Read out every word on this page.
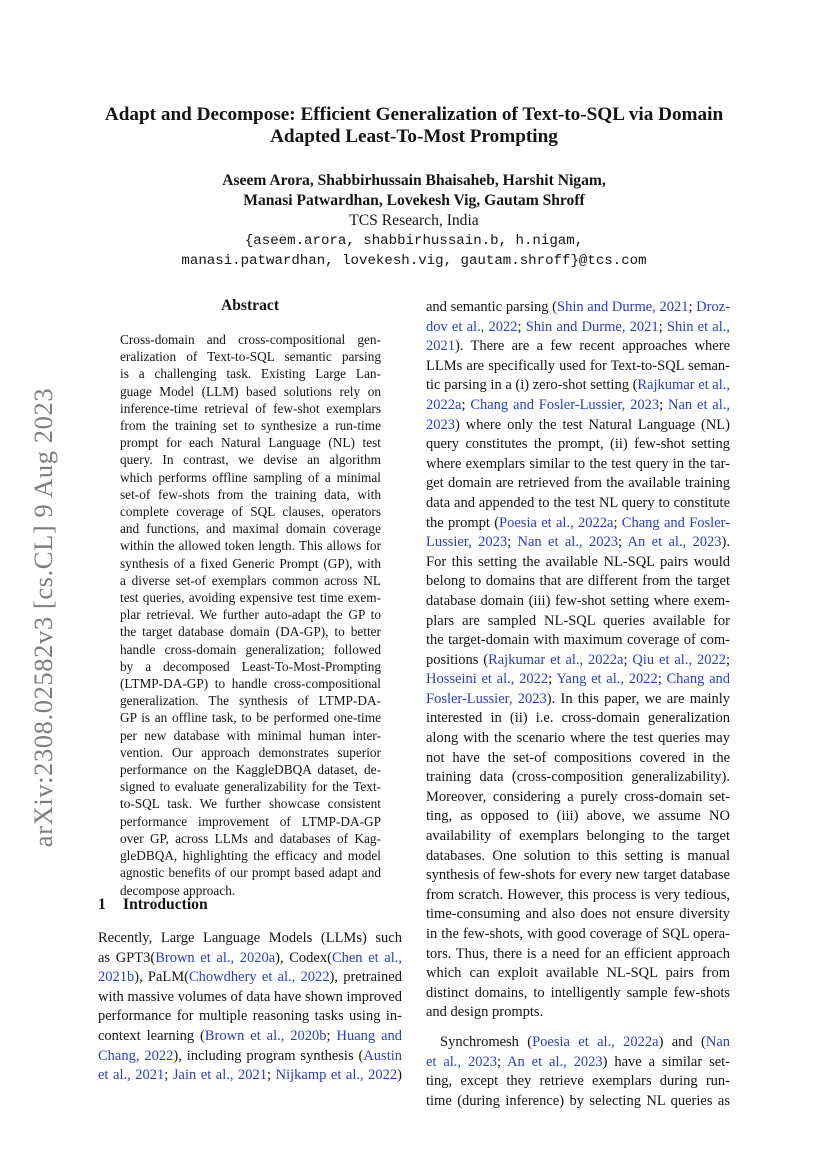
arXiv:2308.02582v3 [cs.CL] 9 Aug 2023
Adapt and Decompose: Efficient Generalization of Text-to-SQL via Domain
Adapted Least-To-Most Prompting
Aseem Arora, Shabbirhussain Bhaisaheb, Harshit Nigam,
Manasi Patwardhan, Lovekesh Vig, Gautam Shroff
TCS Research, India
{aseem.arora, shabbirhussain.b, h.nigam,
manasi.patwardhan, lovekesh.vig, gautam.shroff}@tcs.com
Abstract
Cross-domain and cross-compositional gen-
eralization of Text-to-SQL semantic parsing
is a challenging task. Existing Large Lan-
guage Model (LLM) based solutions rely on
inference-time retrieval of few-shot exemplars
from the training set to synthesize a run-time
prompt for each Natural Language (NL) test
query. In contrast, we devise an algorithm
which performs offline sampling of a minimal
set-of few-shots from the training data, with
complete coverage of SQL clauses, operators
and functions, and maximal domain coverage
within the allowed token length. This allows for
synthesis of a fixed Generic Prompt (GP), with
a diverse set-of exemplars common across NL
test queries, avoiding expensive test time exem-
plar retrieval. We further auto-adapt the GP to
the target database domain (DA-GP), to better
handle cross-domain generalization; followed
by a decomposed Least-To-Most-Prompting
(LTMP-DA-GP) to handle cross-compositional
generalization. The synthesis of LTMP-DA-
GP is an offline task, to be performed one-time
per new database with minimal human inter-
vention. Our approach demonstrates superior
performance on the KaggleDBQA dataset, de-
signed to evaluate generalizability for the Text-
to-SQL task. We further showcase consistent
performance improvement of LTMP-DA-GP
over GP, across LLMs and databases of Kag-
gleDBQA, highlighting the efficacy and model
agnostic benefits of our prompt based adapt and
decompose approach.
1 Introduction
Recently, Large Language Models (LLMs) such
as GPT3(Brown et al., 2020a), Codex(Chen et al.,
2021b), PaLM(Chowdhery et al., 2022), pretrained
with massive volumes of data have shown improved
performance for multiple reasoning tasks using in-
context learning (Brown et al., 2020b; Huang and
Chang, 2022), including program synthesis (Austin
et al., 2021; Jain et al., 2021; Nijkamp et al., 2022)
and semantic parsing (Shin and Durme, 2021; Droz-
dov et al., 2022; Shin and Durme, 2021; Shin et al.,
2021). There are a few recent approaches where
LLMs are specifically used for Text-to-SQL seman-
tic parsing in a (i) zero-shot setting (Rajkumar et al.,
2022a; Chang and Fosler-Lussier, 2023; Nan et al.,
2023) where only the test Natural Language (NL)
query constitutes the prompt, (ii) few-shot setting
where exemplars similar to the test query in the tar-
get domain are retrieved from the available training
data and appended to the test NL query to constitute
the prompt (Poesia et al., 2022a; Chang and Fosler-
Lussier, 2023; Nan et al., 2023; An et al., 2023).
For this setting the available NL-SQL pairs would
belong to domains that are different from the target
database domain (iii) few-shot setting where exem-
plars are sampled NL-SQL queries available for
the target-domain with maximum coverage of com-
positions (Rajkumar et al., 2022a; Qiu et al., 2022;
Hosseini et al., 2022; Yang et al., 2022; Chang and
Fosler-Lussier, 2023). In this paper, we are mainly
interested in (ii) i.e. cross-domain generalization
along with the scenario where the test queries may
not have the set-of compositions covered in the
training data (cross-composition generalizability).
Moreover, considering a purely cross-domain set-
ting, as opposed to (iii) above, we assume NO
availability of exemplars belonging to the target
databases. One solution to this setting is manual
synthesis of few-shots for every new target database
from scratch. However, this process is very tedious,
time-consuming and also does not ensure diversity
in the few-shots, with good coverage of SQL opera-
tors. Thus, there is a need for an efficient approach
which can exploit available NL-SQL pairs from
distinct domains, to intelligently sample few-shots
and design prompts.
Synchromesh (Poesia et al., 2022a) and (Nan
et al., 2023; An et al., 2023) have a similar set-
ting, except they retrieve exemplars during run-
time (during inference) by selecting NL queries as
